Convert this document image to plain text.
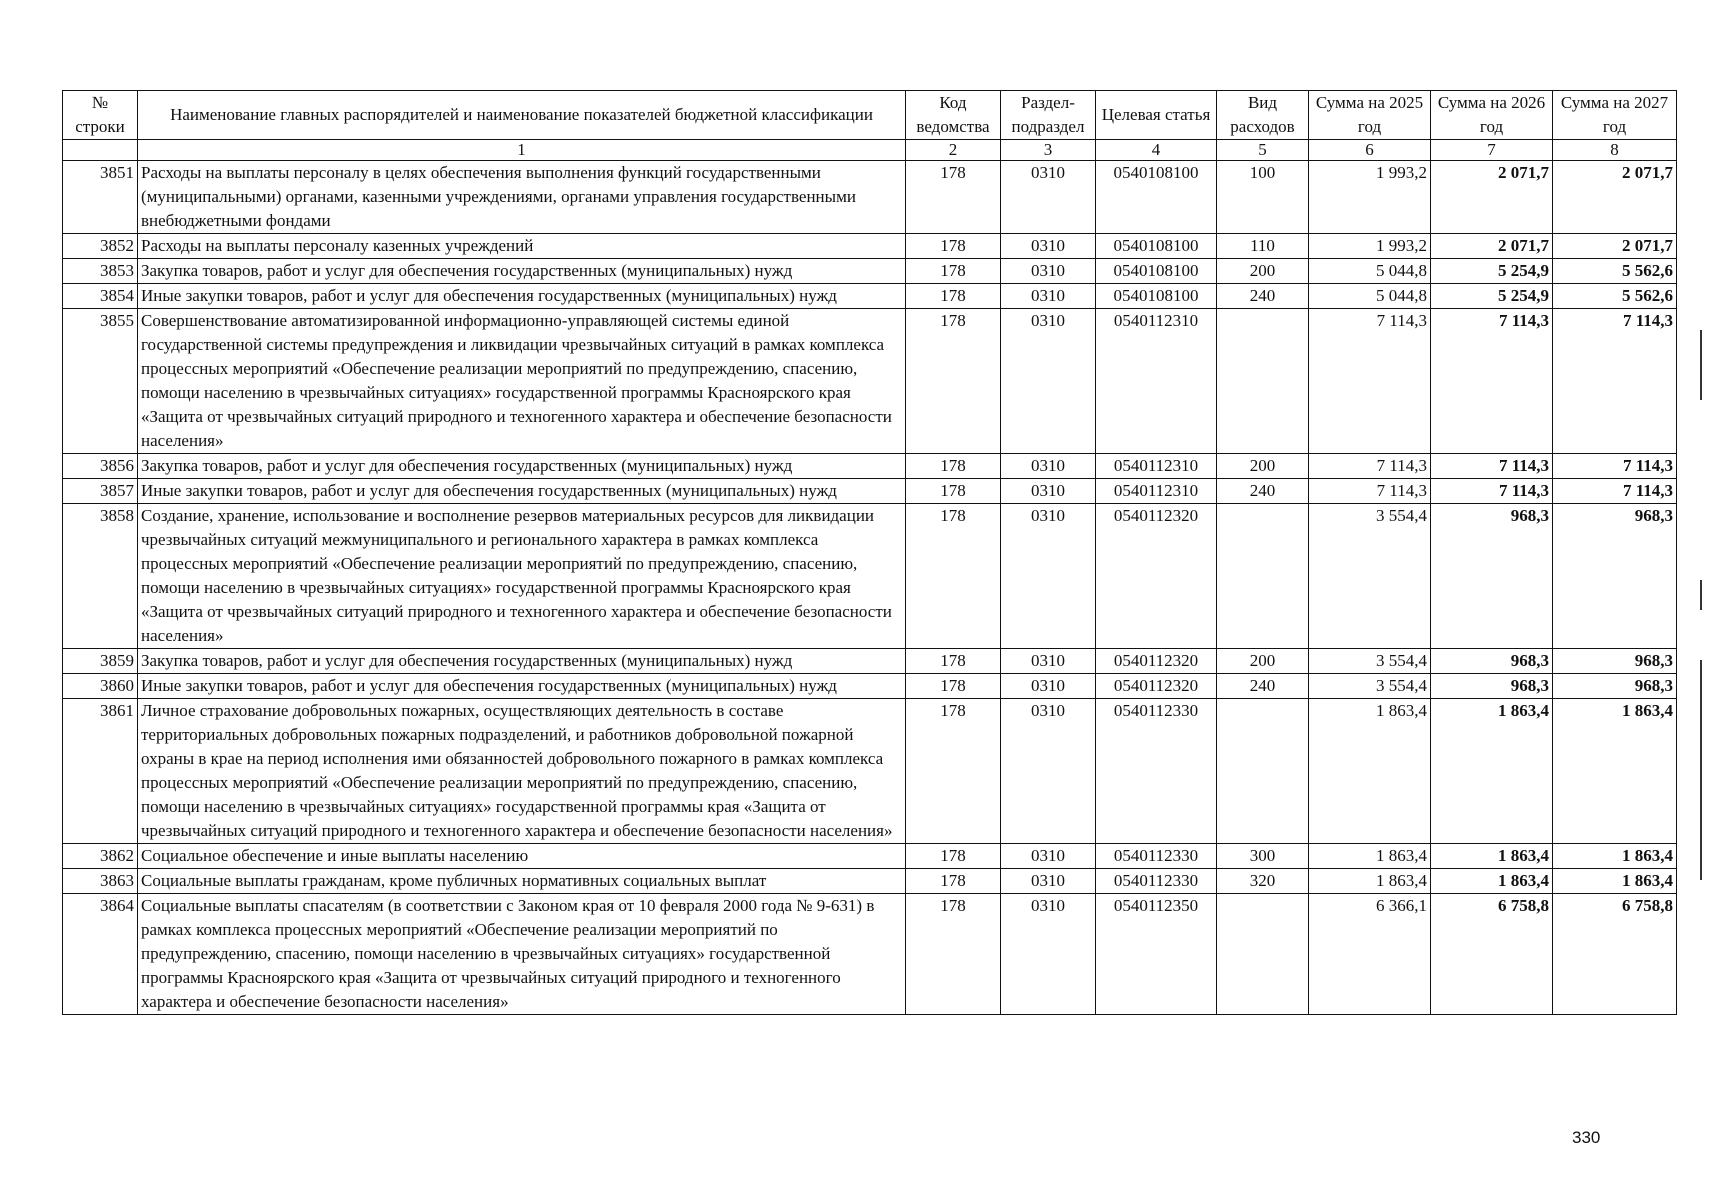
№ строки	Наименование главных распорядителей и наименование показателей бюджетной классификации	Код ведомства	Раздел-подраздел	Целевая статья	Вид расходов	Сумма на 2025 год	Сумма на 2026 год	Сумма на 2027 год
	1	2	3	4	5	6	7	8
3851	Расходы на выплаты персоналу в целях обеспечения выполнения функций государственными (муниципальными) органами, казенными учреждениями, органами управления государственными внебюджетными фондами	178	0310	0540108100	100	1 993,2	2 071,7	2 071,7
3852	Расходы на выплаты персоналу казенных учреждений	178	0310	0540108100	110	1 993,2	2 071,7	2 071,7
3853	Закупка товаров, работ и услуг для обеспечения государственных (муниципальных) нужд	178	0310	0540108100	200	5 044,8	5 254,9	5 562,6
3854	Иные закупки товаров, работ и услуг для обеспечения государственных (муниципальных) нужд	178	0310	0540108100	240	5 044,8	5 254,9	5 562,6
3855	Совершенствование автоматизированной информационно-управляющей системы единой государственной системы предупреждения и ликвидации чрезвычайных ситуаций в рамках комплекса процессных мероприятий «Обеспечение реализации мероприятий по предупреждению, спасению, помощи населению в чрезвычайных ситуациях» государственной программы Красноярского края «Защита от чрезвычайных ситуаций природного и техногенного характера и обеспечение безопасности населения»	178	0310	0540112310		7 114,3	7 114,3	7 114,3
3856	Закупка товаров, работ и услуг для обеспечения государственных (муниципальных) нужд	178	0310	0540112310	200	7 114,3	7 114,3	7 114,3
3857	Иные закупки товаров, работ и услуг для обеспечения государственных (муниципальных) нужд	178	0310	0540112310	240	7 114,3	7 114,3	7 114,3
3858	Создание, хранение, использование и восполнение резервов материальных ресурсов для ликвидации чрезвычайных ситуаций межмуниципального и регионального характера в рамках комплекса процессных мероприятий «Обеспечение реализации мероприятий по предупреждению, спасению, помощи населению в чрезвычайных ситуациях» государственной программы Красноярского края «Защита от чрезвычайных ситуаций природного и техногенного характера и обеспечение безопасности населения»	178	0310	0540112320		3 554,4	968,3	968,3
3859	Закупка товаров, работ и услуг для обеспечения государственных (муниципальных) нужд	178	0310	0540112320	200	3 554,4	968,3	968,3
3860	Иные закупки товаров, работ и услуг для обеспечения государственных (муниципальных) нужд	178	0310	0540112320	240	3 554,4	968,3	968,3
3861	Личное страхование добровольных пожарных, осуществляющих деятельность в составе территориальных добровольных пожарных подразделений, и работников добровольной пожарной охраны в крае на период исполнения ими обязанностей добровольного пожарного в рамках комплекса процессных мероприятий «Обеспечение реализации мероприятий по предупреждению, спасению, помощи населению в чрезвычайных ситуациях» государственной программы края «Защита от чрезвычайных ситуаций природного и техногенного характера и обеспечение безопасности населения»	178	0310	0540112330		1 863,4	1 863,4	1 863,4
3862	Социальное обеспечение и иные выплаты населению	178	0310	0540112330	300	1 863,4	1 863,4	1 863,4
3863	Социальные выплаты гражданам, кроме публичных нормативных социальных выплат	178	0310	0540112330	320	1 863,4	1 863,4	1 863,4
3864	Социальные выплаты спасателям (в соответствии с Законом края от 10 февраля 2000 года № 9-631) в рамках комплекса процессных мероприятий «Обеспечение реализации мероприятий по предупреждению, спасению, помощи населению в чрезвычайных ситуациях» государственной программы Красноярского края «Защита от чрезвычайных ситуаций природного и техногенного характера и обеспечение безопасности населения»	178	0310	0540112350		6 366,1	6 758,8	6 758,8
330
